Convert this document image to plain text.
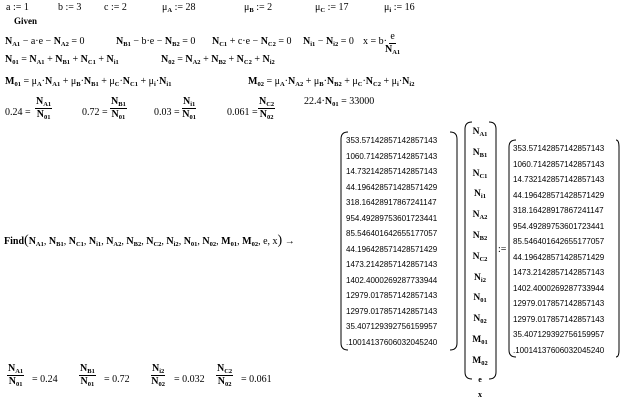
a := 1	b := 3 c := 2	$\mu_A$ := 28	$\mu_B$ := 2	$\mu_C$ := 17	$\mu_i$ := 16
Given
$N_{A1} - a\cdot e - N_{A2} = 0$	$N_{B1} - b\cdot e - N_{B2} = 0$ $N_{C1} + c\cdot e - N_{C2} = 0$ $N_{i1} - N_{i2} = 0$ x = b·
$\frac{e}{N_{A1}}$
$N_{01} = N_{A1} + N_{B1} + N_{C1} + N_{i1}$	$N_{02} = N_{A2} + N_{B2} + N_{C2} + N_{i2}$
$M_{01} = \mu_A\cdot N_{A1} + \mu_B\cdot N_{B1} + \mu_C\cdot N_{C1} + \mu_i\cdot N_{i1}$	$M_{02} = \mu_A\cdot N_{A2} + \mu_B\cdot N_{B2} + \mu_C\cdot N_{C2} + \mu_i\cdot N_{i2}$
$0.24 = \frac{N_{A1}}{N_{01}}$	$0.72 = \frac{N_{B1}}{N_{01}}$	$0.03 = \frac{N_{i1}}{N_{01}}$	$0.061 = \frac{N_{C2}}{N_{02}}$	$22.4\cdot N_{01} = 33000$
$Find(N_{A1}$, $N_{B1}$, $N_{C1}$, $N_{i1}$, $N_{A2}$, $N_{B2}$, $N_{C2}$, $N_{i2}$, $N_{01}$, $N_{02}$, $M_{01}$, $M_{02}$, e, x) →
353.57142857142857143
1060.7142857142857143
14.732142857142857143
44.196428571428571429
318.16428917867241147
954.49289753601723441
85.546401642655177057
44.196428571428571429
1473.2142857142857143
1402.4000269287733944
12979.017857142857143
12979.017857142857143
35.407129392756159957
.10014137606032045240
:=
$N_{A1}$
$N_{B1}$
$N_{C1}$
$N_{i1}$
$N_{A2}$
$N_{B2}$
$N_{C2}$
$N_{i2}$
$N_{01}$
$N_{02}$
$M_{01}$
$M_{02}$
e
x
353.57142857142857143
1060.7142857142857143
14.732142857142857143
44.196428571428571429
318.16428917867241147
954.49289753601723441
85.546401642655177057
44.196428571428571429
1473.2142857142857143
1402.4000269287733944
12979.017857142857143
12979.017857142857143
35.407129392756159957
.10014137606032045240
$\frac{N_{A1}}{N_{01}} = 0.24 \frac{N_{B1}}{N_{01}} = 0.72 \frac{N_{i2}}{N_{02}} = 0.032 \frac{N_{C2}}{N_{02}} = 0.061$
